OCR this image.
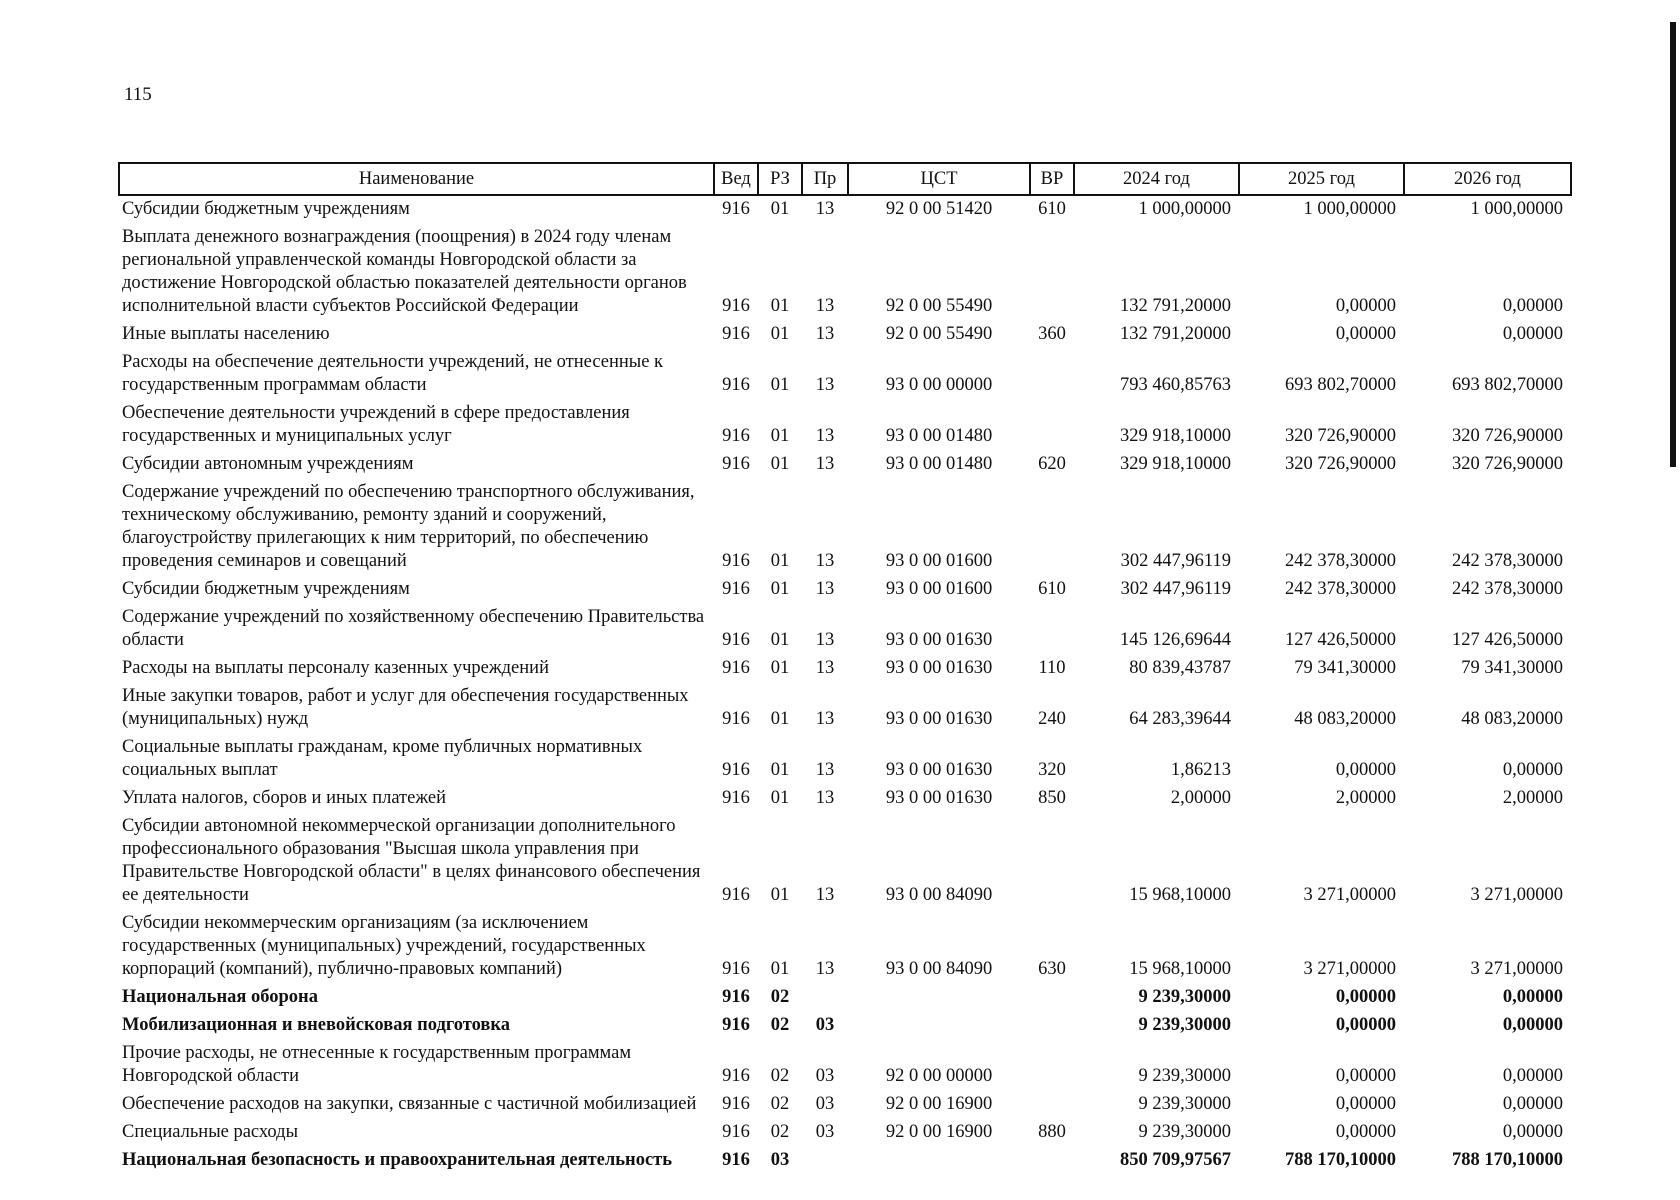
115
Наименование	Вед	РЗ	Пр	ЦСТ	ВР	2024 год	2025 год	2026 год
Субсидии бюджетным учреждениям	916	01	13	92 0 00 51420	610	1 000,00000	1 000,00000	1 000,00000
Выплата денежного вознаграждения (поощрения) в 2024 году членам региональной управленческой команды Новгородской области за достижение Новгородской областью показателей деятельности органов исполнительной власти субъектов Российской Федерации	916	01	13	92 0 00 55490		132 791,20000	0,00000	0,00000
Иные выплаты населению	916	01	13	92 0 00 55490	360	132 791,20000	0,00000	0,00000
Расходы на обеспечение деятельности учреждений, не отнесенные к государственным программам области	916	01	13	93 0 00 00000		793 460,85763	693 802,70000	693 802,70000
Обеспечение деятельности учреждений в сфере предоставления государственных и муниципальных услуг	916	01	13	93 0 00 01480		329 918,10000	320 726,90000	320 726,90000
Субсидии автономным учреждениям	916	01	13	93 0 00 01480	620	329 918,10000	320 726,90000	320 726,90000
Содержание учреждений по обеспечению транспортного обслуживания, техническому обслуживанию, ремонту зданий и сооружений, благоустройству прилегающих к ним территорий, по обеспечению проведения семинаров и совещаний	916	01	13	93 0 00 01600		302 447,96119	242 378,30000	242 378,30000
Субсидии бюджетным учреждениям	916	01	13	93 0 00 01600	610	302 447,96119	242 378,30000	242 378,30000
Содержание учреждений по хозяйственному обеспечению Правительства области	916	01	13	93 0 00 01630		145 126,69644	127 426,50000	127 426,50000
Расходы на выплаты персоналу казенных учреждений	916	01	13	93 0 00 01630	110	80 839,43787	79 341,30000	79 341,30000
Иные закупки товаров, работ и услуг для обеспечения государственных (муниципальных) нужд	916	01	13	93 0 00 01630	240	64 283,39644	48 083,20000	48 083,20000
Социальные выплаты гражданам, кроме публичных нормативных социальных выплат	916	01	13	93 0 00 01630	320	1,86213	0,00000	0,00000
Уплата налогов, сборов и иных платежей	916	01	13	93 0 00 01630	850	2,00000	2,00000	2,00000
Субсидии автономной некоммерческой организации дополнительного профессионального образования "Высшая школа управления при Правительстве Новгородской области" в целях финансового обеспечения ее деятельности	916	01	13	93 0 00 84090		15 968,10000	3 271,00000	3 271,00000
Субсидии некоммерческим организациям (за исключением государственных (муниципальных) учреждений, государственных корпораций (компаний), публично-правовых компаний)	916	01	13	93 0 00 84090	630	15 968,10000	3 271,00000	3 271,00000
Национальная оборона	916	02				9 239,30000	0,00000	0,00000
Мобилизационная и вневойсковая подготовка	916	02	03			9 239,30000	0,00000	0,00000
Прочие расходы, не отнесенные к государственным программам Новгородской области	916	02	03	92 0 00 00000		9 239,30000	0,00000	0,00000
Обеспечение расходов на закупки, связанные с частичной мобилизацией	916	02	03	92 0 00 16900		9 239,30000	0,00000	0,00000
Специальные расходы	916	02	03	92 0 00 16900	880	9 239,30000	0,00000	0,00000
Национальная безопасность и правоохранительная деятельность	916	03				850 709,97567	788 170,10000	788 170,10000
